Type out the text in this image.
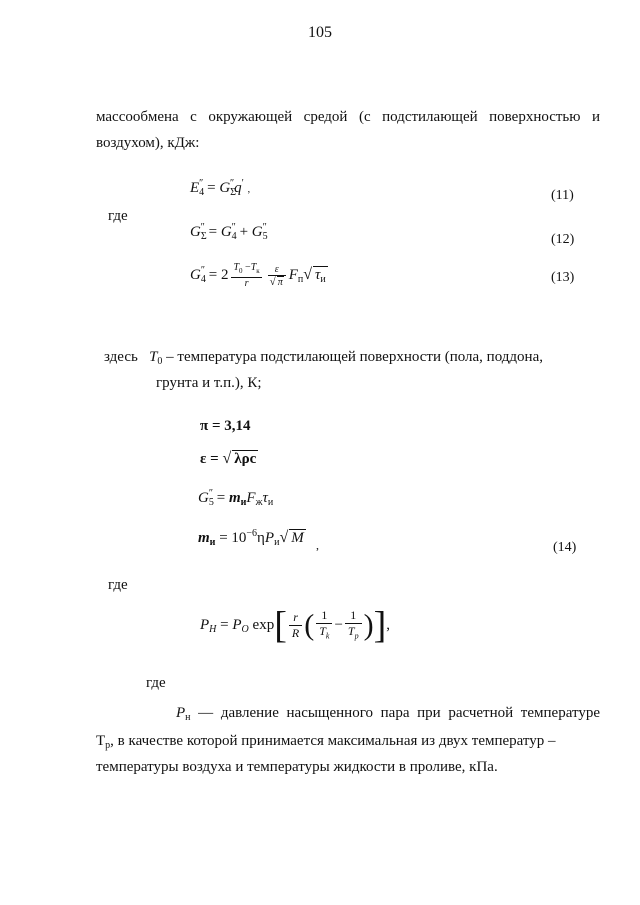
105
массообмена с окружающей средой (с подстилающей поверхностью и
воздухом), кДж:
$E_4'' = G_\Sigma''q'$ ,	(11)
где
$G_\Sigma'' = G_4'' + G_5''$
(12)
$G_4'' = 2 \frac{T_0 -T_к}{r} \frac{\varepsilon}{√ \pi} F_п√$ $\tau_и$	(13)
здесь $T_0$ – температура подстилающей поверхности (пола, поддона,
грунта и т.п.), К;
π = 3,14
ε = √ λρc
$G_5'' = m_иF_ж\tau_и$
$m_и = 10^{-6}\eta P_и√$ M ,	(14)
где
$P_Н = P_О$ $\exp[ \frac{r}{R}$ ( $\frac{1}{T_k} - \frac{1}{T_p}$ )],
где
$P_н$ — давление насыщенного пара при расчетной температуре
$Т_р$, в качестве которой принимается максимальная из двух температур –
температуры воздуха и температуры жидкости в проливе, кПа.
